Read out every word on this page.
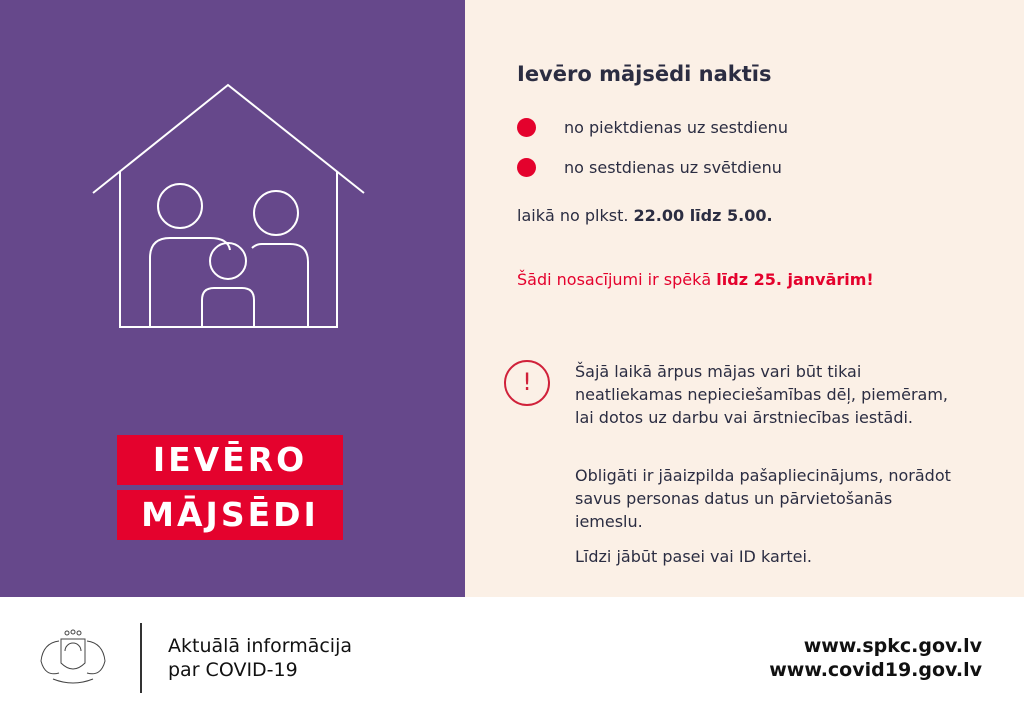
IEVĒRO
MĀJSĒDI
Ievēro mājsēdi naktīs
no piektdienas uz sestdienu
no sestdienas uz svētdienu
laikā no plkst. 22.00 līdz 5.00.
Šādi nosacījumi ir spēkā līdz 25. janvārim!
!	Šajā laikā ārpus mājas vari būt tikai neatliekamas nepieciešamības dēļ, piemēram, lai dotos uz darbu vai ārstniecības iestādi.
Obligāti ir jāaizpilda pašapliecinājums, norādot savus personas datus un pārvietošanās iemeslu.
Līdzi jābūt pasei vai ID kartei.
Aktuālā informācija
par COVID-19
www.spkc.gov.lv
www.covid19.gov.lv
